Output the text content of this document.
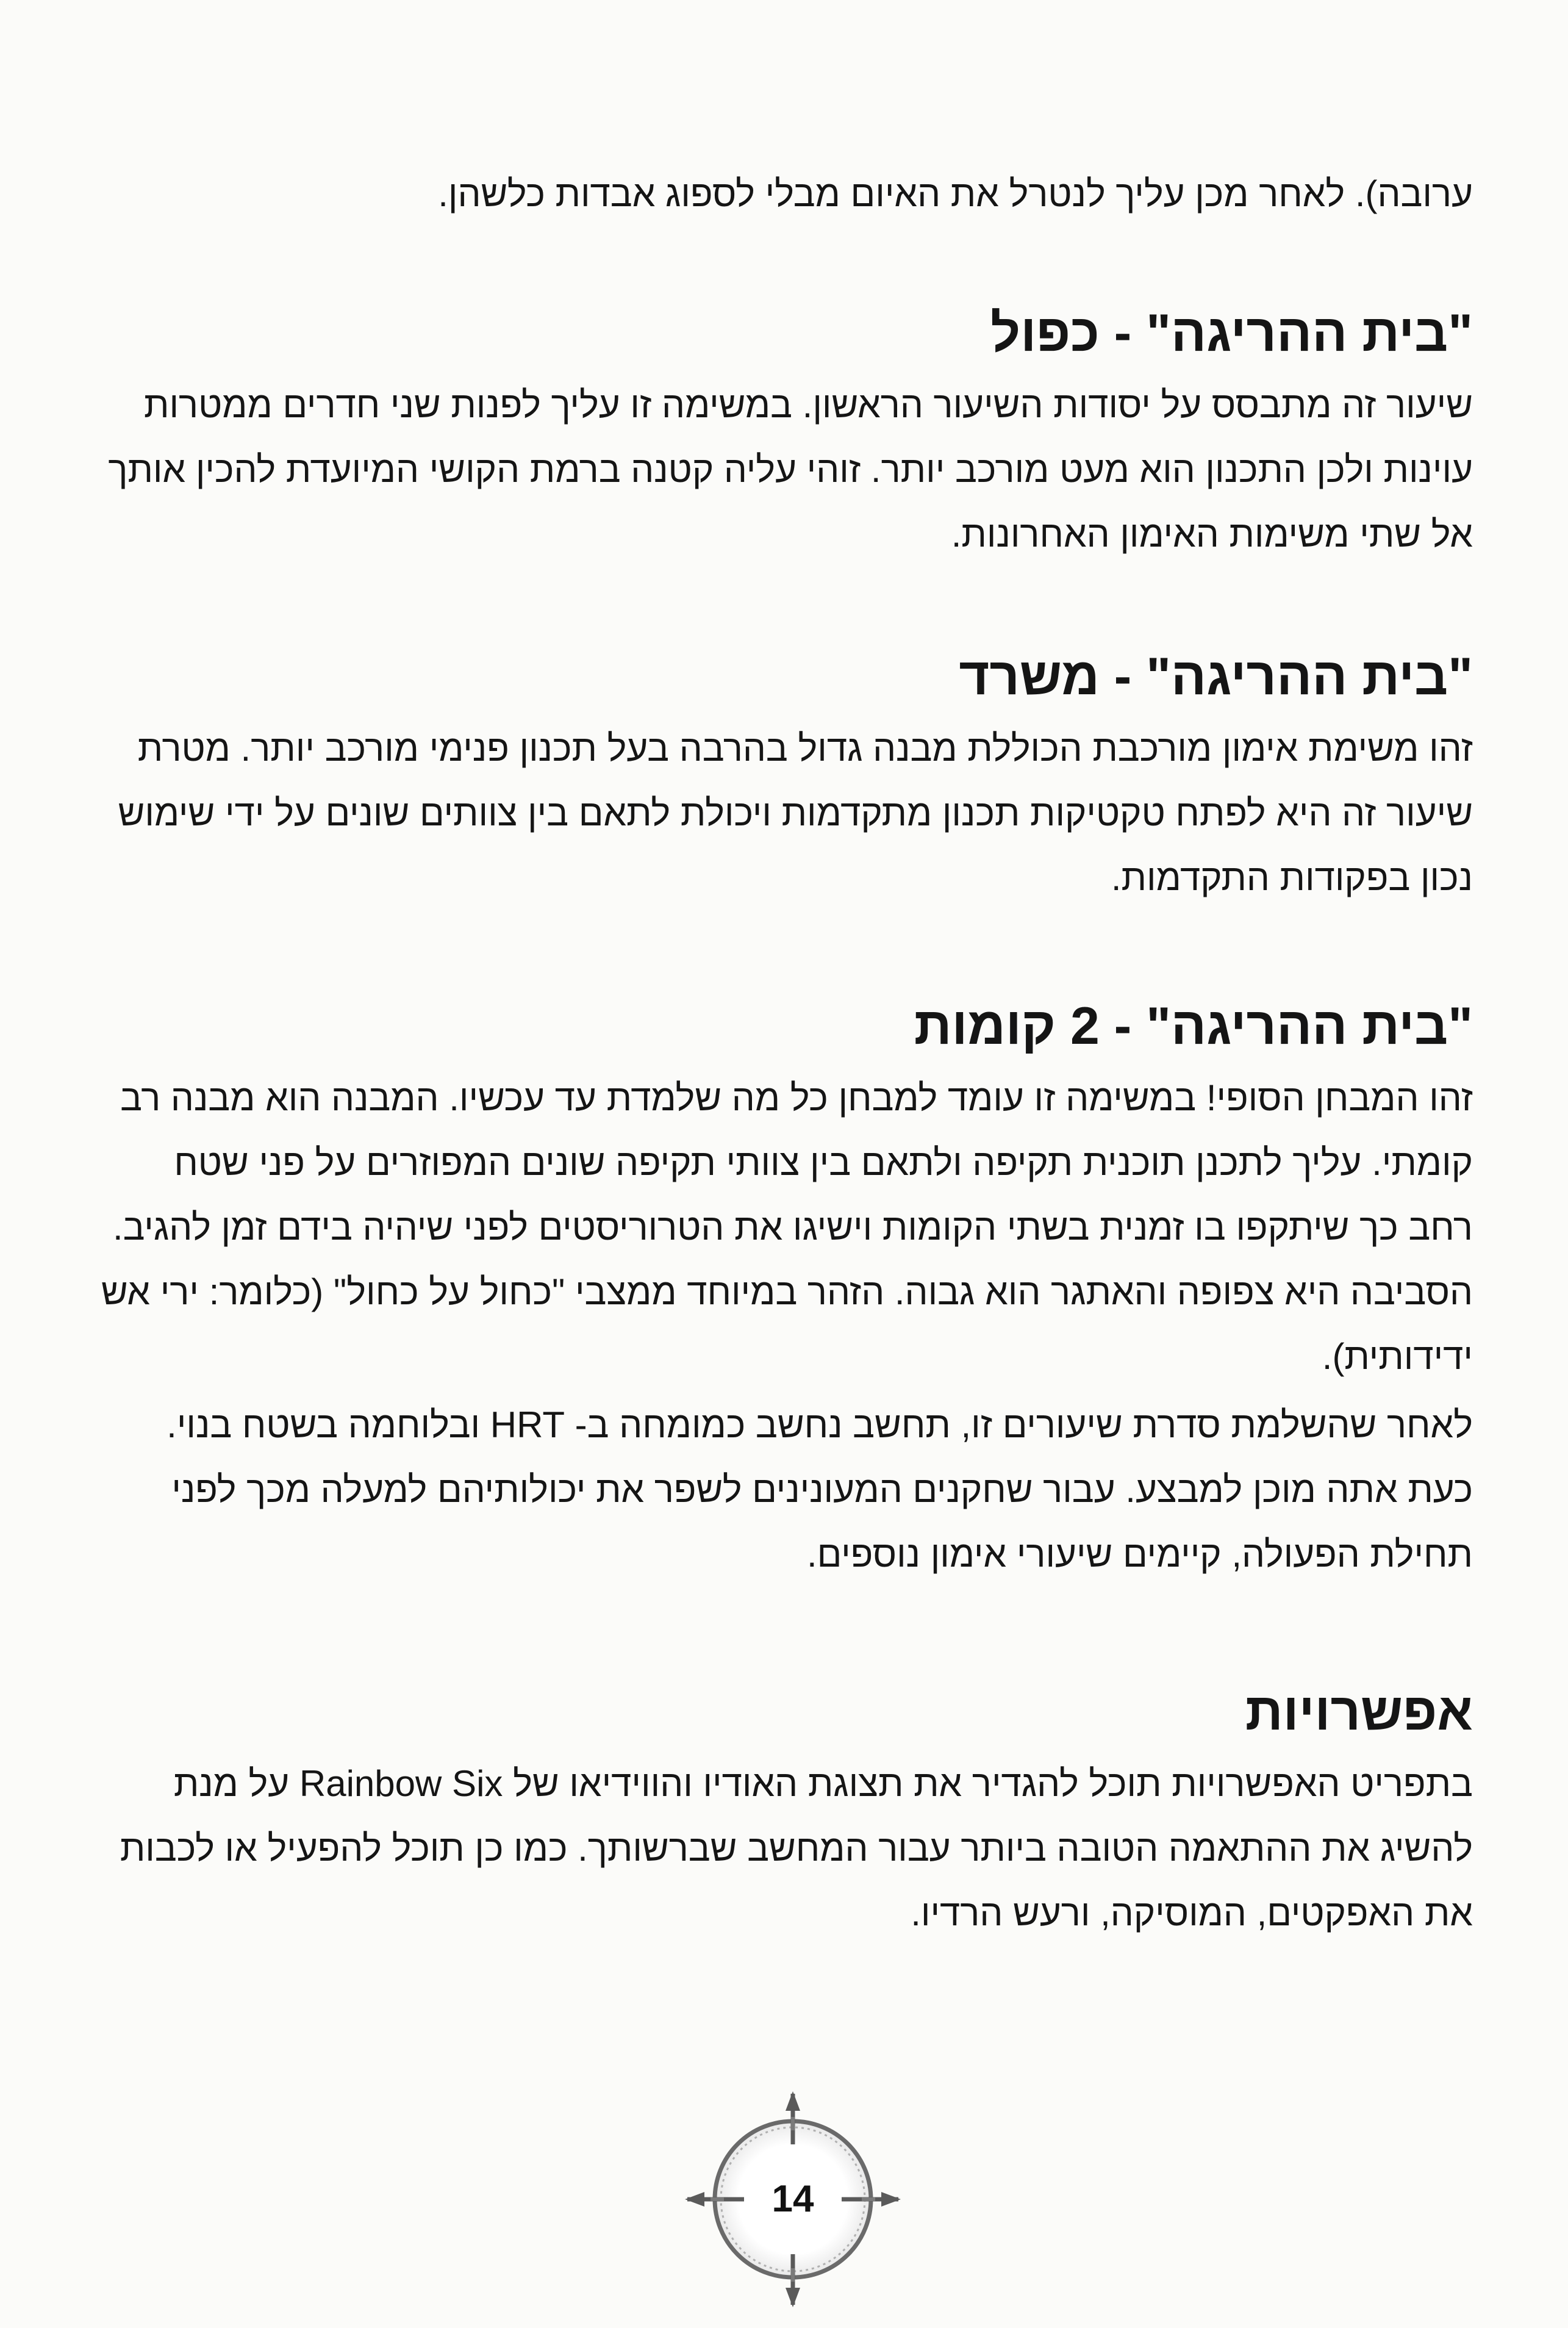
ערובה). לאחר מכן עליך לנטרל את האיום מבלי לספוג אבדות כלשהן.

"בית ההריגה" - כפול

שיעור זה מתבסס על יסודות השיעור הראשון. במשימה זו עליך לפנות שני חדרים ממטרות עוינות ולכן התכנון הוא מעט מורכב יותר. זוהי עליה קטנה ברמת הקושי המיועדת להכין אותך אל שתי משימות האימון האחרונות.

"בית ההריגה" - משרד

זהו משימת אימון מורכבת הכוללת מבנה גדול בהרבה בעל תכנון פנימי מורכב יותר. מטרת שיעור זה היא לפתח טקטיקות תכנון מתקדמות ויכולת לתאם בין צוותים שונים על ידי שימוש נכון בפקודות התקדמות.

"בית ההריגה" - 2 קומות

זהו המבחן הסופי! במשימה זו עומד למבחן כל מה שלמדת עד עכשיו. המבנה הוא מבנה רב קומתי. עליך לתכנן תוכנית תקיפה ולתאם בין צוותי תקיפה שונים המפוזרים על פני שטח רחב כך שיתקפו בו זמנית בשתי הקומות וישיגו את הטרוריסטים לפני שיהיה בידם זמן להגיב. הסביבה היא צפופה והאתגר הוא גבוה. הזהר במיוחד ממצבי "כחול על כחול" (כלומר: ירי אש ידידותית).

לאחר שהשלמת סדרת שיעורים זו, תחשב נחשב כמומחה ב- HRT ובלוחמה בשטח בנוי. כעת אתה מוכן למבצע. עבור שחקנים המעונינים לשפר את יכולותיהם למעלה מכך לפני תחילת הפעולה, קיימים שיעורי אימון נוספים.

אפשרויות

בתפריט האפשרויות תוכל להגדיר את תצוגת האודיו והווידיאו של Rainbow Six על מנת להשיג את ההתאמה הטובה ביותר עבור המחשב שברשותך. כמו כן תוכל להפעיל או לכבות את האפקטים, המוסיקה, ורעש הרדיו.

14
